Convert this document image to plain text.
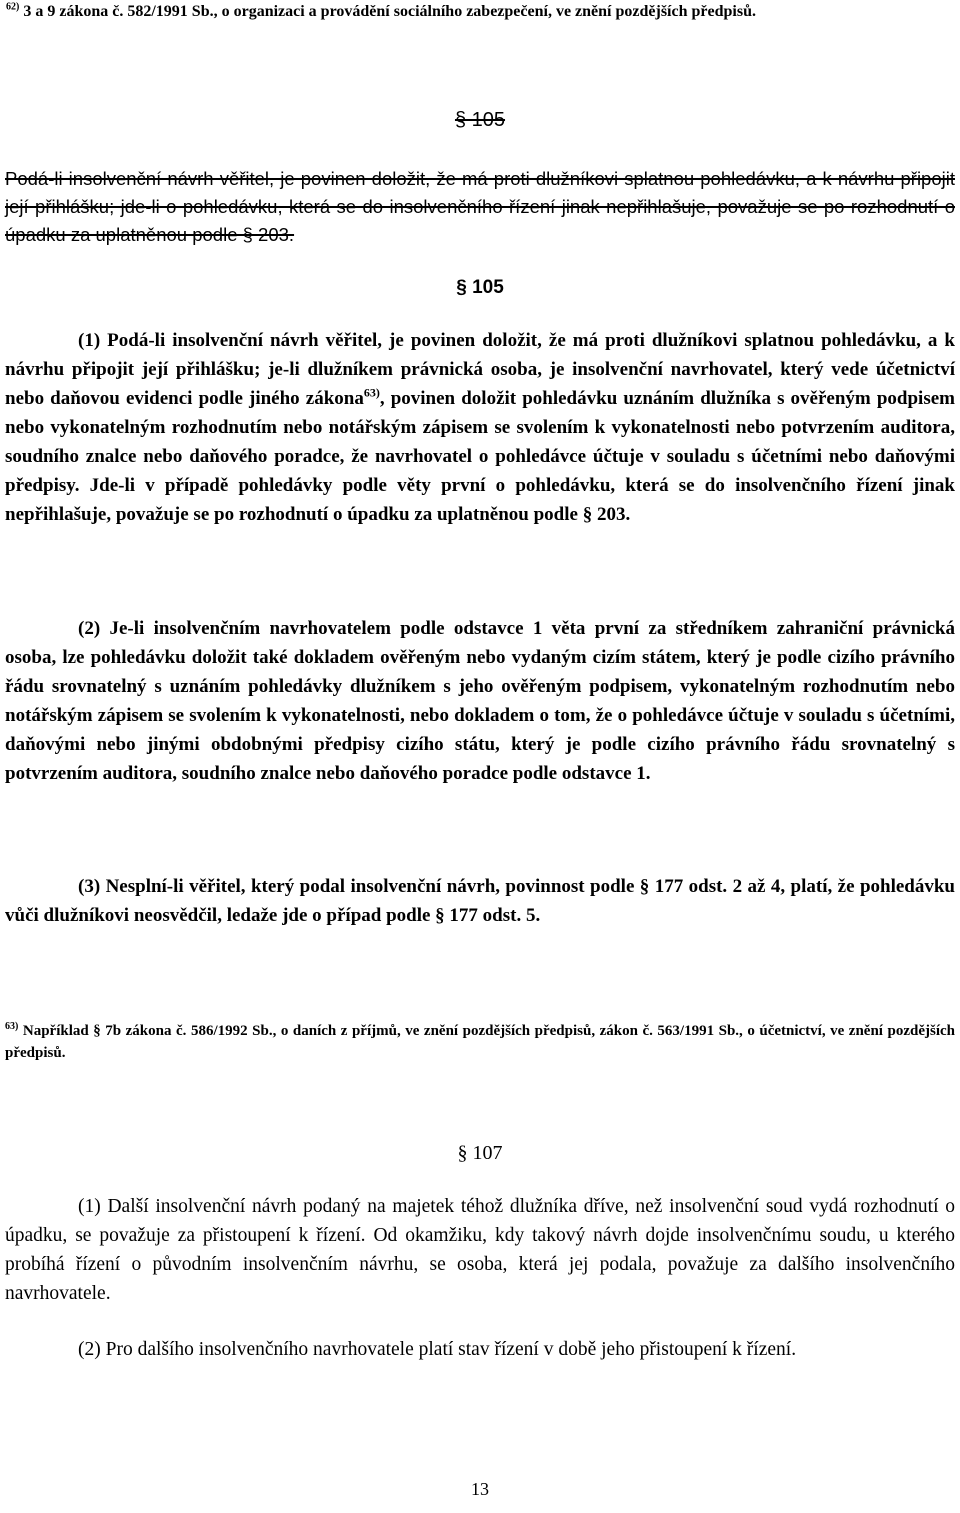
$^{62)}$ 3 a 9 zákona č. 582/1991 Sb., o organizaci a provádění sociálního zabezpečení, ve znění pozdějších předpisů.
§ 105
Podá-li insolvenční návrh věřitel, je povinen doložit, že má proti dlužníkovi splatnou pohledávku, a k návrhu připojit její přihlášku; jde-li o pohledávku, která se do insolvenčního řízení jinak nepřihlašuje, považuje se po rozhodnutí o úpadku za uplatněnou podle § 203.
§ 105
(1) Podá-li insolvenční návrh věřitel, je povinen doložit, že má proti dlužníkovi splatnou pohledávku, a k návrhu připojit její přihlášku; je-li dlužníkem právnická osoba, je insolvenční navrhovatel, který vede účetnictví nebo daňovou evidenci podle jiného zákona$^{63)}$, povinen doložit pohledávku uznáním dlužníka s ověřeným podpisem nebo vykonatelným rozhodnutím nebo notářským zápisem se svolením k vykonatelnosti nebo potvrzením auditora, soudního znalce nebo daňového poradce, že navrhovatel o pohledávce účtuje v souladu s účetními nebo daňovými předpisy. Jde-li v případě pohledávky podle věty první o pohledávku, která se do insolvenčního řízení jinak nepřihlašuje, považuje se po rozhodnutí o úpadku za uplatněnou podle § 203.
(2) Je-li insolvenčním navrhovatelem podle odstavce 1 věta první za středníkem zahraniční právnická osoba, lze pohledávku doložit také dokladem ověřeným nebo vydaným cizím státem, který je podle cizího právního řádu srovnatelný s uznáním pohledávky dlužníkem s jeho ověřeným podpisem, vykonatelným rozhodnutím nebo notářským zápisem se svolením k vykonatelnosti, nebo dokladem o tom, že o pohledávce účtuje v souladu s účetními, daňovými nebo jinými obdobnými předpisy cizího státu, který je podle cizího právního řádu srovnatelný s potvrzením auditora, soudního znalce nebo daňového poradce podle odstavce 1.
(3) Nesplní-li věřitel, který podal insolvenční návrh, povinnost podle § 177 odst. 2 až 4, platí, že pohledávku vůči dlužníkovi neosvědčil, ledaže jde o případ podle § 177 odst. 5.
$^{63)}$ Například § 7b zákona č. 586/1992 Sb., o daních z příjmů, ve znění pozdějších předpisů, zákon č. 563/1991 Sb., o účetnictví, ve znění pozdějších předpisů.
§ 107
(1) Další insolvenční návrh podaný na majetek téhož dlužníka dříve, než insolvenční soud vydá rozhodnutí o úpadku, se považuje za přistoupení k řízení. Od okamžiku, kdy takový návrh dojde insolvenčnímu soudu, u kterého probíhá řízení o původním insolvenčním návrhu, se osoba, která jej podala, považuje za dalšího insolvenčního navrhovatele.
(2) Pro dalšího insolvenčního navrhovatele platí stav řízení v době jeho přistoupení k řízení.
13
